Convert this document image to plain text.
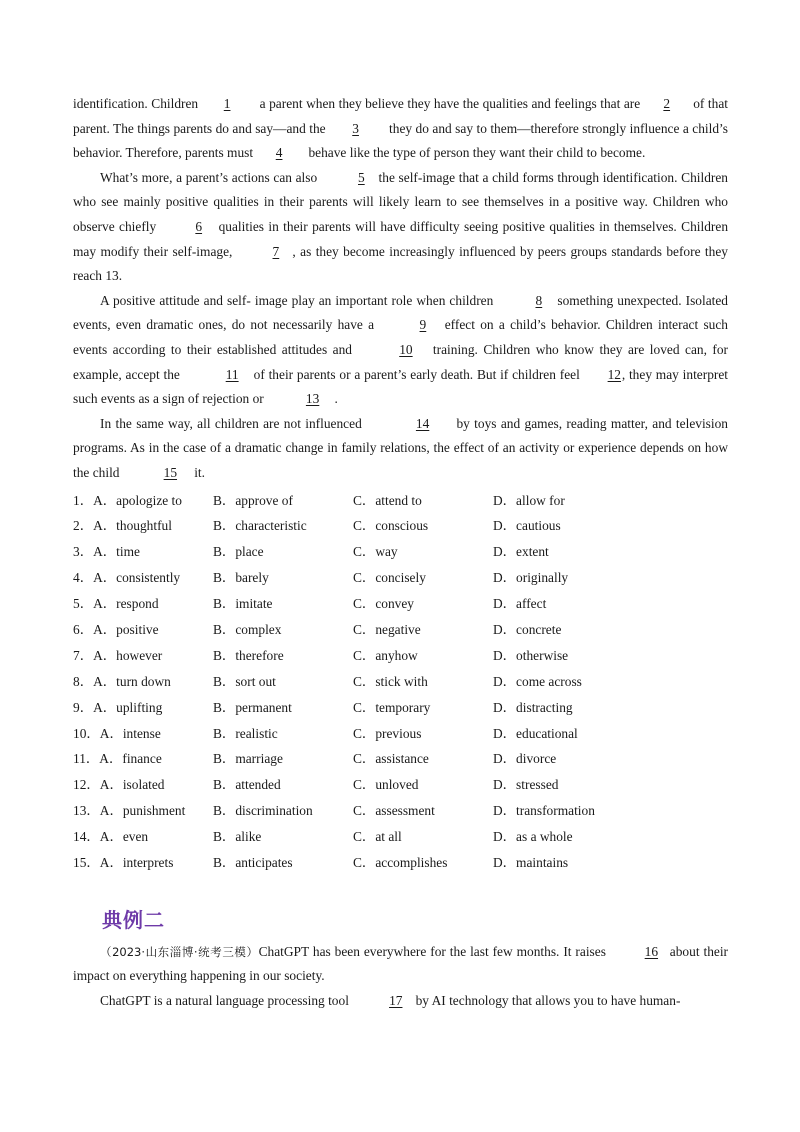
identification. Children 1 a parent when they believe they have the qualities and feelings that are 2 of that parent. The things parents do and say—and the 3 they do and say to them—therefore strongly influence a child’s behavior. Therefore, parents must 4 behave like the type of person they want their child to become.

What’s more, a parent’s actions can also	5 the self-image that a child forms through identification. Children who see mainly positive qualities in their parents will likely learn to see themselves in a positive way. Children who observe chiefly	6 qualities in their parents will have difficulty seeing positive qualities in themselves. Children may modify their self-image,	7 , as they become increasingly influenced by peers groups standards before they reach 13.

A positive attitude and self- image play an important role when children	8 something unexpected. Isolated events, even dramatic ones, do not necessarily have a	9 effect on a child’s behavior. Children interact such events according to their established attitudes and	10 training. Children who know they are loved can, for example, accept the	11 of their parents or a parent’s early death. But if children feel 12, they may interpret such events as a sign of rejection or	13 .

In the same way, all children are not influenced	14 by toys and games, reading matter, and television programs. As in the case of a dramatic change in family relations, the effect of an activity or experience depends on how the child	15 it.

1．A．apologize to	B．approve of	C．attend to	D．allow for
2．A．thoughtful	B．characteristic	C．conscious	D．cautious
3．A．time	B．place	C．way	D．extent
4．A．consistently	B．barely	C．concisely	D．originally
5．A．respond	B．imitate	C．convey	D．affect
6．A．positive	B．complex	C．negative	D．concrete
7．A．however	B．therefore	C．anyhow	D．otherwise
8．A．turn down	B．sort out	C．stick with	D．come across
9．A．uplifting	B．permanent	C．temporary	D．distracting
10．A．intense	B．realistic	C．previous	D．educational
11．A．finance	B．marriage	C．assistance	D．divorce
12．A．isolated	B．attended	C．unloved	D．stressed
13．A．punishment	B．discrimination	C．assessment	D．transformation
14．A．even	B．alike	C．at all	D．as a whole
15．A．interprets	B．anticipates	C．accomplishes	D．maintains
典例二

（2023·山东淄博·统考三模）ChatGPT has been everywhere for the last few months. It raises	16 about their impact on everything happening in our society.

ChatGPT is a natural language processing tool	17 by AI technology that allows you to have human-
